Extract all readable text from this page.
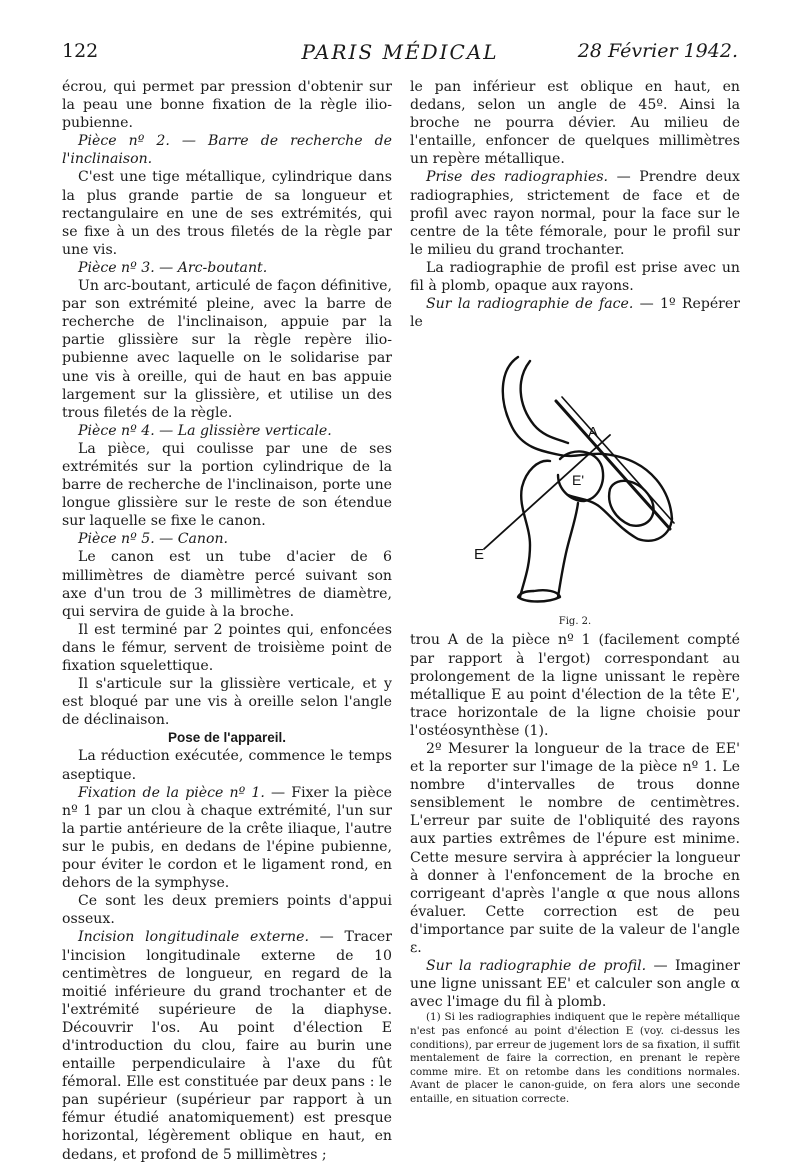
122	PARIS MÉDICAL	28 Février 1942.

écrou, qui permet par pression d'obtenir sur la peau une bonne fixation de la règle ilio-pubienne.

Pièce nº 2. — Barre de recherche de l'inclinaison.

C'est une tige métallique, cylindrique dans la plus grande partie de sa longueur et rectangulaire en une de ses extrémités, qui se fixe à un des trous filetés de la règle par une vis.

Pièce nº 3. — Arc-boutant.

Un arc-boutant, articulé de façon définitive, par son extrémité pleine, avec la barre de recherche de l'inclinaison, appuie par la partie glissière sur la règle repère ilio-pubienne avec laquelle on le solidarise par une vis à oreille, qui de haut en bas appuie largement sur la glissière, et utilise un des trous filetés de la règle.

Pièce nº 4. — La glissière verticale.

La pièce, qui coulisse par une de ses extrémités sur la portion cylindrique de la barre de recherche de l'inclinaison, porte une longue glissière sur le reste de son étendue sur laquelle se fixe le canon.

Pièce nº 5. — Canon.

Le canon est un tube d'acier de 6 millimètres de diamètre percé suivant son axe d'un trou de 3 millimètres de diamètre, qui servira de guide à la broche.

Il est terminé par 2 pointes qui, enfoncées dans le fémur, servent de troisième point de fixation squelettique.

Il s'articule sur la glissière verticale, et y est bloqué par une vis à oreille selon l'angle de déclinaison.

Pose de l'appareil.

La réduction exécutée, commence le temps aseptique.

Fixation de la pièce nº 1. — Fixer la pièce nº 1 par un clou à chaque extrémité, l'un sur la partie antérieure de la crête iliaque, l'autre sur le pubis, en dedans de l'épine pubienne, pour éviter le cordon et le ligament rond, en dehors de la symphyse.

Ce sont les deux premiers points d'appui osseux.

Incision longitudinale externe. — Tracer l'incision longitudinale externe de 10 centimètres de longueur, en regard de la moitié inférieure du grand trochanter et de l'extrémité supérieure de la diaphyse. Découvrir l'os. Au point d'élection E d'introduction du clou, faire au burin une entaille perpendiculaire à l'axe du fût fémoral. Elle est constituée par deux pans : le pan supérieur (supérieur par rapport à un fémur étudié anatomiquement) est presque horizontal, légèrement oblique en haut, en dedans, et profond de 5 millimètres ;

le pan inférieur est oblique en haut, en dedans, selon un angle de 45º. Ainsi la broche ne pourra dévier. Au milieu de l'entaille, enfoncer de quelques millimètres un repère métallique.

Prise des radiographies. — Prendre deux radiographies, strictement de face et de profil avec rayon normal, pour la face sur le centre de la tête fémorale, pour le profil sur le milieu du grand trochanter.

La radiographie de profil est prise avec un fil à plomb, opaque aux rayons.

Sur la radiographie de face. — 1º Repérer le

A
E'
E

Fig. 2.

trou A de la pièce nº 1 (facilement compté par rapport à l'ergot) correspondant au prolongement de la ligne unissant le repère métallique E au point d'élection de la tête E', trace horizontale de la ligne choisie pour l'ostéosynthèse (1).

2º Mesurer la longueur de la trace de EE' et la reporter sur l'image de la pièce nº 1. Le nombre d'intervalles de trous donne sensiblement le nombre de centimètres. L'erreur par suite de l'obliquité des rayons aux parties extrêmes de l'épure est minime. Cette mesure servira à apprécier la longueur à donner à l'enfoncement de la broche en corrigeant d'après l'angle α que nous allons évaluer. Cette correction est de peu d'importance par suite de la valeur de l'angle ε.

Sur la radiographie de profil. — Imaginer une ligne unissant EE' et calculer son angle α avec l'image du fil à plomb.

(1) Si les radiographies indiquent que le repère métallique n'est pas enfoncé au point d'élection E (voy. ci-dessus les conditions), par erreur de jugement lors de sa fixation, il suffit mentalement de faire la correction, en prenant le repère comme mire. Et on retombe dans les conditions normales. Avant de placer le canon-guide, on fera alors une seconde entaille, en situation correcte.
